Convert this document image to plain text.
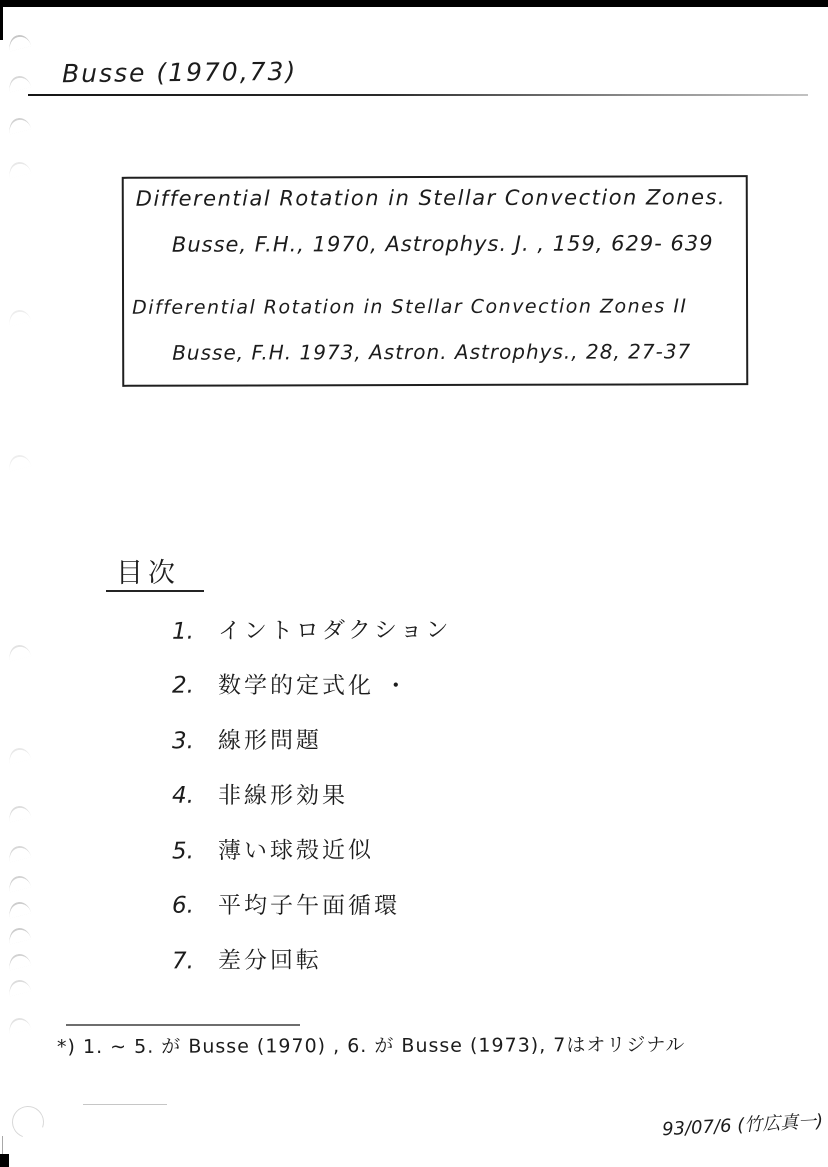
Busse (1970,73)
Differential Rotation in Stellar Convection Zones.
Busse, F.H., 1970, Astrophys. J. , 159, 629- 639
Differential Rotation in Stellar Convection Zones II
Busse, F.H. 1973, Astron. Astrophys., 28, 27-37
目次
1. イントロダクション
2. 数学的定式化 ・
3. 線形問題
4. 非線形効果
5. 薄い球殻近似
6. 平均子午面循環
7. 差分回転
*) 1. ~ 5. が Busse (1970) , 6. が Busse (1973), 7はオリジナル
93/07/6 (竹広真一)
